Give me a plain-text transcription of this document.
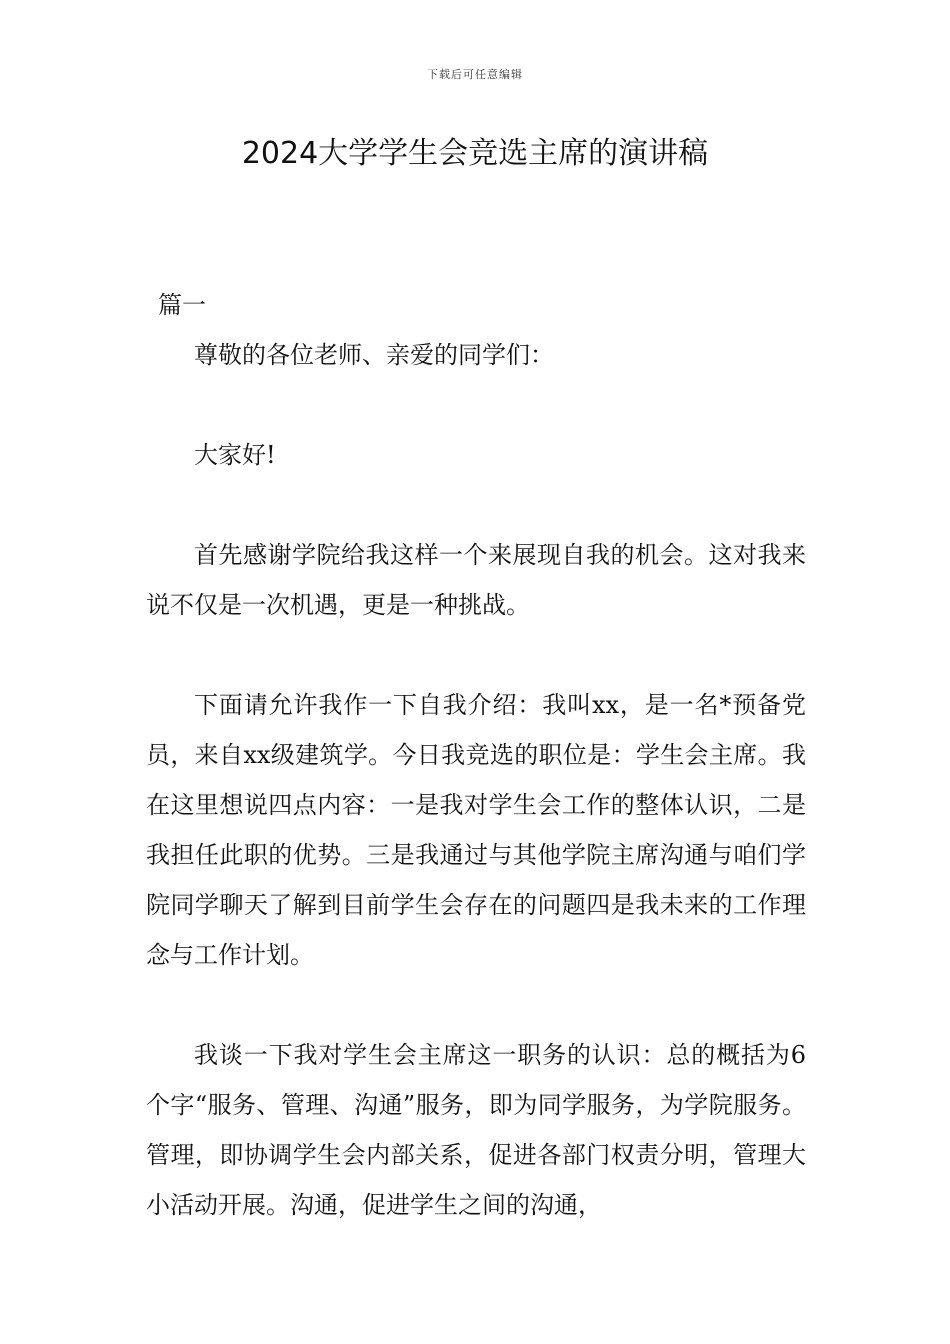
下载后可任意编辑
2024大学学生会竞选主席的演讲稿

篇一

尊敬的各位老师、亲爱的同学们：

大家好!

首先感谢学院给我这样一个来展现自我的机会。这对我来说不仅是一次机遇，更是一种挑战。

下面请允许我作一下自我介绍：我叫xx，是一名*预备党员，来自xx级建筑学。今日我竞选的职位是：学生会主席。我在这里想说四点内容：一是我对学生会工作的整体认识，二是我担任此职的优势。三是我通过与其他学院主席沟通与咱们学院同学聊天了解到目前学生会存在的问题四是我未来的工作理念与工作计划。

我谈一下我对学生会主席这一职务的认识：总的概括为6个字“服务、管理、沟通”服务，即为同学服务，为学院服务。管理，即协调学生会内部关系，促进各部门权责分明，管理大小活动开展。沟通，促进学生之间的沟通，
